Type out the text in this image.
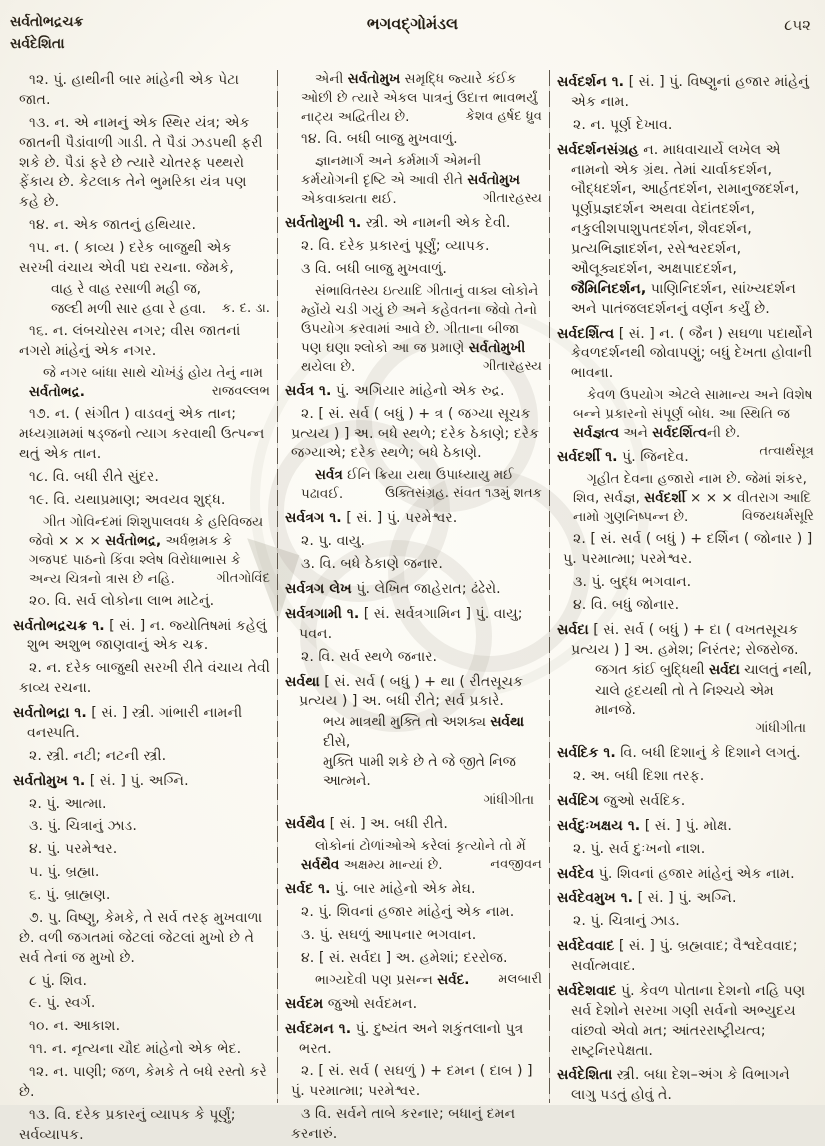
સર્વતોભદ્રચક્ર
સર્વદેશિતા
ભગવદ્ગોમંડલ	૮૫૨

૧૨. પું. હાથીની બાર માંહેની એક પેટા જાત.

૧૩. ન. એ નામનું એક સ્થિર યંત્ર; એક જાતની પૈડાંવાળી ગાડી. તે પૈડાં ઝડપથી ફરી શકે છે. પૈડાં ફરે છે ત્યારે ચોતરફ પથ્થરો ફેંકાય છે. કેટલાક તેને ભુમરિકા યંત્ર પણ કહે છે.

૧૪. ન. એક જાતનું હથિયાર.

૧૫. ન. ( કાવ્ય ) દરેક બાજુથી એક સરખી વંચાય એવી પદ્ય રચના. જેમકે,

વાહ રે વાહ રસાળી મહી જ,

જલ્દી મળી સાર હવા રે હવા.	ક. દ. ડા.

૧૬. ન. લંબચોરસ નગર; વીસ જાતનાં નગરો માંહેનું એક નગર.

જે નગર બાંધા સાથે ચોખંડું હોય તેનું નામ સર્વતોભદ્ર.	રાજવલ્લભ

૧૭. ન. ( સંગીત ) વાડવનું એક તાન; મધ્યગ્રામમાં ષડ્જનો ત્યાગ કરવાથી ઉત્પન્ન થતું એક તાન.

૧૮. વિ. બધી રીતે સુંદર.

૧૯. વિ. યથાપ્રમાણ; અવયવ શુદ્ધ.

ગીત ગોવિન્દમાં શિશુપાલવધ કે હરિવિજય જેવો × × × સર્વતોભદ્ર, અર્ધભ્રમક કે ગજપદ પાઠનો કિંવા શ્લેષ વિરોધાભાસ કે અન્ય ચિત્રનો ત્રાસ છે નહિ.	ગીતગોવિંદ

૨૦. વિ. સર્વ લોકોના લાભ માટેનું.

સર્વતોભદ્રચક્ર ૧. [ સં. ] ન. જ્યોતિષમાં કહેલું શુભ અશુભ જાણવાનું એક ચક્ર.

૨. ન. દરેક બાજુથી સરખી રીતે વંચાય તેવી કાવ્ય રચના.

સર્વતોભદ્રા ૧. [ સં. ] સ્ત્રી. ગાંભારી નામની વનસ્પતિ.

૨. સ્ત્રી. નટી; નટની સ્ત્રી.

સર્વતોમુખ ૧. [ સં. ] પું. અગ્નિ.

૨. પું. આત્મા.

૩. પું. ચિત્રાનું ઝાડ.

૪. પું. પરમેશ્વર.

૫. પું. બ્રહ્મા.

૬. પું. બ્રાહ્મણ.

૭. પુ. વિષ્ણુ, કેમકે, તે સર્વ તરફ મુખવાળા છે. વળી જગતમાં જેટલાં જેટલાં મુખો છે તે સર્વ તેનાં જ મુખો છે.

૮ પું. શિવ.

૯. પું. સ્વર્ગ.

૧૦. ન. આકાશ.

૧૧. ન. નૃત્યના ચૌદ માંહેનો એક ભેદ.

૧૨. ન. પાણી; જળ, કેમકે તે બધે રસ્તો કરે છે.

૧૩. વિ. દરેક પ્રકારનું વ્યાપક કે પૂર્ણું; સર્વવ્યાપક.

એની સર્વતોમુખ સમૃદ્ધિ જ્યારે કંઈક ઓછી છે ત્યારે એકલ પાત્રનું ઉદાત્ત ભાવભર્યું નાટ્ય અદ્વિતીય છે.	કેશવ હર્ષદ ધ્રુવ

૧૪. વિ. બધી બાજુ મુખવાળું.

જ્ઞાનમાર્ગ અને કર્મમાર્ગ એમની કર્મયોગની દૃષ્ટિ એ આવી રીતે સર્વતોમુખ એકવાક્યતા થઈ.	ગીતારહસ્ય

સર્વતોમુખી ૧. સ્ત્રી. એ નામની એક દેવી.

૨. વિ. દરેક પ્રકારનું પૂર્ણું; વ્યાપક.

૩ વિ. બધી બાજુ મુખવાળું.

સંભાવિતસ્ય ઇત્યાદિ ગીતાનું વાક્ય લોકોને મ્હોંયે ચડી ગયું છે અને કહેવતના જેવો તેનો ઉપયોગ કરવામાં આવે છે. ગીતાના બીજા પણ ઘણા શ્લોકો આ જ પ્રમાણે સર્વતોમુખી થયેલા છે.	ગીતારહસ્ય

સર્વત્ર ૧. પું. અગિયાર માંહેનો એક રુદ્ર.

૨. [ સં. સર્વ ( બધું ) + ત્ર ( જગ્યા સૂચક પ્રત્યય ) ] અ. બધે સ્થળે; દરેક ઠેકાણે; દરેક જગ્યાએ; દરેક સ્થળે; બધે ઠેકાણે.

સર્વત્ર ઈનિ ક્રિયા યથા ઉપાધ્યાયુ મઈ પઢાવઈ.	ઉક્તિસંગ્રહ. સંવત ૧૩મું શતક

સર્વત્રગ ૧. [ સં. ] પું. પરમેશ્વર.

૨. પુ. વાયુ.

૩. વિ. બધે ઠેકાણે જનાર.

સર્વત્રગ લેખ પું. લેખિત જાહેરાત; ઢંઢેરો.

સર્વત્રગામી ૧. [ સં. સર્વત્રગામિન ] પું. વાયુ; પવન.

૨. વિ. સર્વ સ્થળે જનાર.

સર્વથા [ સં. સર્વ ( બધું ) + થા ( રીતસૂચક પ્રત્યય ) ] અ. બધી રીતે; સર્વ પ્રકારે.

ભય માત્રથી મુક્તિ તો અશક્ય સર્વથા દીસે,

મુક્તિ પામી શકે છે તે જે જીતે નિજ આત્મને.

ગાંધીગીતા

સર્વથૈવ [ સં. ] અ. બધી રીતે.

લોકોનાં ટોળાંઓએ કરેલાં કૃત્યોને તો મેં સર્વથૈવ અક્ષમ્ય માન્યાં છે.	નવજીવન

સર્વદ ૧. પું. બાર માંહેનો એક મેઘ.

૨. પું. શિવનાં હજાર માંહેનું એક નામ.

૩. પું. સઘળું આપનાર ભગવાન.

૪. [ સં. સર્વદા ] અ. હમેશાં; દરરોજ.

ભાગ્યદેવી પણ પ્રસન્ન સર્વદ.	મલબારી

સર્વદમ જુઓ સર્વદમન.

સર્વદમન ૧. પું. દુષ્યંત અને શકુંતલાનો પુત્ર ભરત.

૨. [ સં. સર્વ ( સઘળું ) + દમન ( દાબ ) ] પું. પરમાત્મા; પરમેશ્વર.

૩ વિ. સર્વને તાબે કરનાર; બધાનું દમન કરનારું.

સર્વદર્શન ૧. [ સં. ] પું. વિષ્ણુનાં હજાર માંહેનું એક નામ.

૨. ન. પૂર્ણ દેખાવ.

સર્વદર્શનસંગ્રહ ન. માધવાચાર્યે લખેલ એ નામનો એક ગ્રંથ. તેમાં ચાર્વાકદર્શન, બૌદ્ધદર્શન, આર્હતદર્શન, રામાનુજદર્શન, પૂર્ણપ્રજ્ઞદર્શન અથવા વેદાંતદર્શન, નકુલીશપાશુપતદર્શન, શૈવદર્શન, પ્રત્યભિજ્ઞાદર્શન, રસેશ્વરદર્શન, ઔલૂક્યદર્શન, અક્ષપાદદર્શન, જૈમિનિદર્શન, પાણિનિદર્શન, સાંખ્યદર્શન અને પાતંજલદર્શનનું વર્ણન કર્યું છે.

સર્વદર્શિત્વ [ સં. ] ન. ( જૈન ) સઘળા પદાર્થોને કેવળદર્શનથી જોવાપણું; બધું દેખતા હોવાની ભાવના.

કેવળ ઉપયોગ એટલે સામાન્ય અને વિશેષ બન્ને પ્રકારનો સંપૂર્ણ બોધ. આ સ્થિતિ જ સર્વજ્ઞત્વ અને સર્વદર્શિત્વની છે.
તત્વાર્થસૂત્ર

સર્વદર્શી ૧. પું. જિનદેવ.

ગૃહીત દેવના હજારો નામ છે. જેમાં શંકર, શિવ, સર્વજ્ઞ, સર્વદર્શી × × × વીતરાગ આદિ નામો ગુણનિષ્પન્ન છે.	વિજયધર્મસૂરિ

૨. [ સં. સર્વ ( બધું ) + દર્શિન ( જોનાર ) ] પુ. પરમાત્મા; પરમેશ્વર.

૩. પું. બુદ્ધ ભગવાન.

૪. વિ. બધું જોનાર.

સર્વદા [ સં. સર્વ ( બધું ) + દા ( વખતસૂચક પ્રત્યય ) ] અ. હમેશ; નિરંતર; રોજરોજ.

જગત કાંઈ બુદ્ધિથી સર્વદા ચાલતું નથી,

ચાલે હૃદયથી તો તે નિશ્ચયે એમ માનજે.

ગાંધીગીતા

સર્વદિક ૧. વિ. બધી દિશાનું કે દિશાને લગતું.

૨. અ. બધી દિશા તરફ.

સર્વદિગ જુઓ સર્વદિક.

સર્વદુઃખક્ષય ૧. [ સં. ] પું. મોક્ષ.

૨. પું. સર્વ દુઃખનો નાશ.

સર્વદેવ પું. શિવનાં હજાર માંહેનું એક નામ.

સર્વદેવમુખ ૧. [ સં. ] પું. અગ્નિ.

૨. પું. ચિત્રાનું ઝાડ.

સર્વદેવવાદ [ સં. ] પું. બ્રહ્મવાદ; વૈશ્વદેવવાદ; સર્વાત્મવાદ.

સર્વદેશવાદ પું. કેવળ પોતાના દેશનો નહિ પણ સર્વ દેશોને સરખા ગણી સર્વનો અભ્યુદય વાંછવો એવો મત; આંતરરાષ્ટ્રીયત્વ; રાષ્ટ્રનિરપેક્ષતા.

સર્વદેશિતા સ્ત્રી. બધા દેશ–અંગ કે વિભાગને લાગુ પડતું હોવું તે.
